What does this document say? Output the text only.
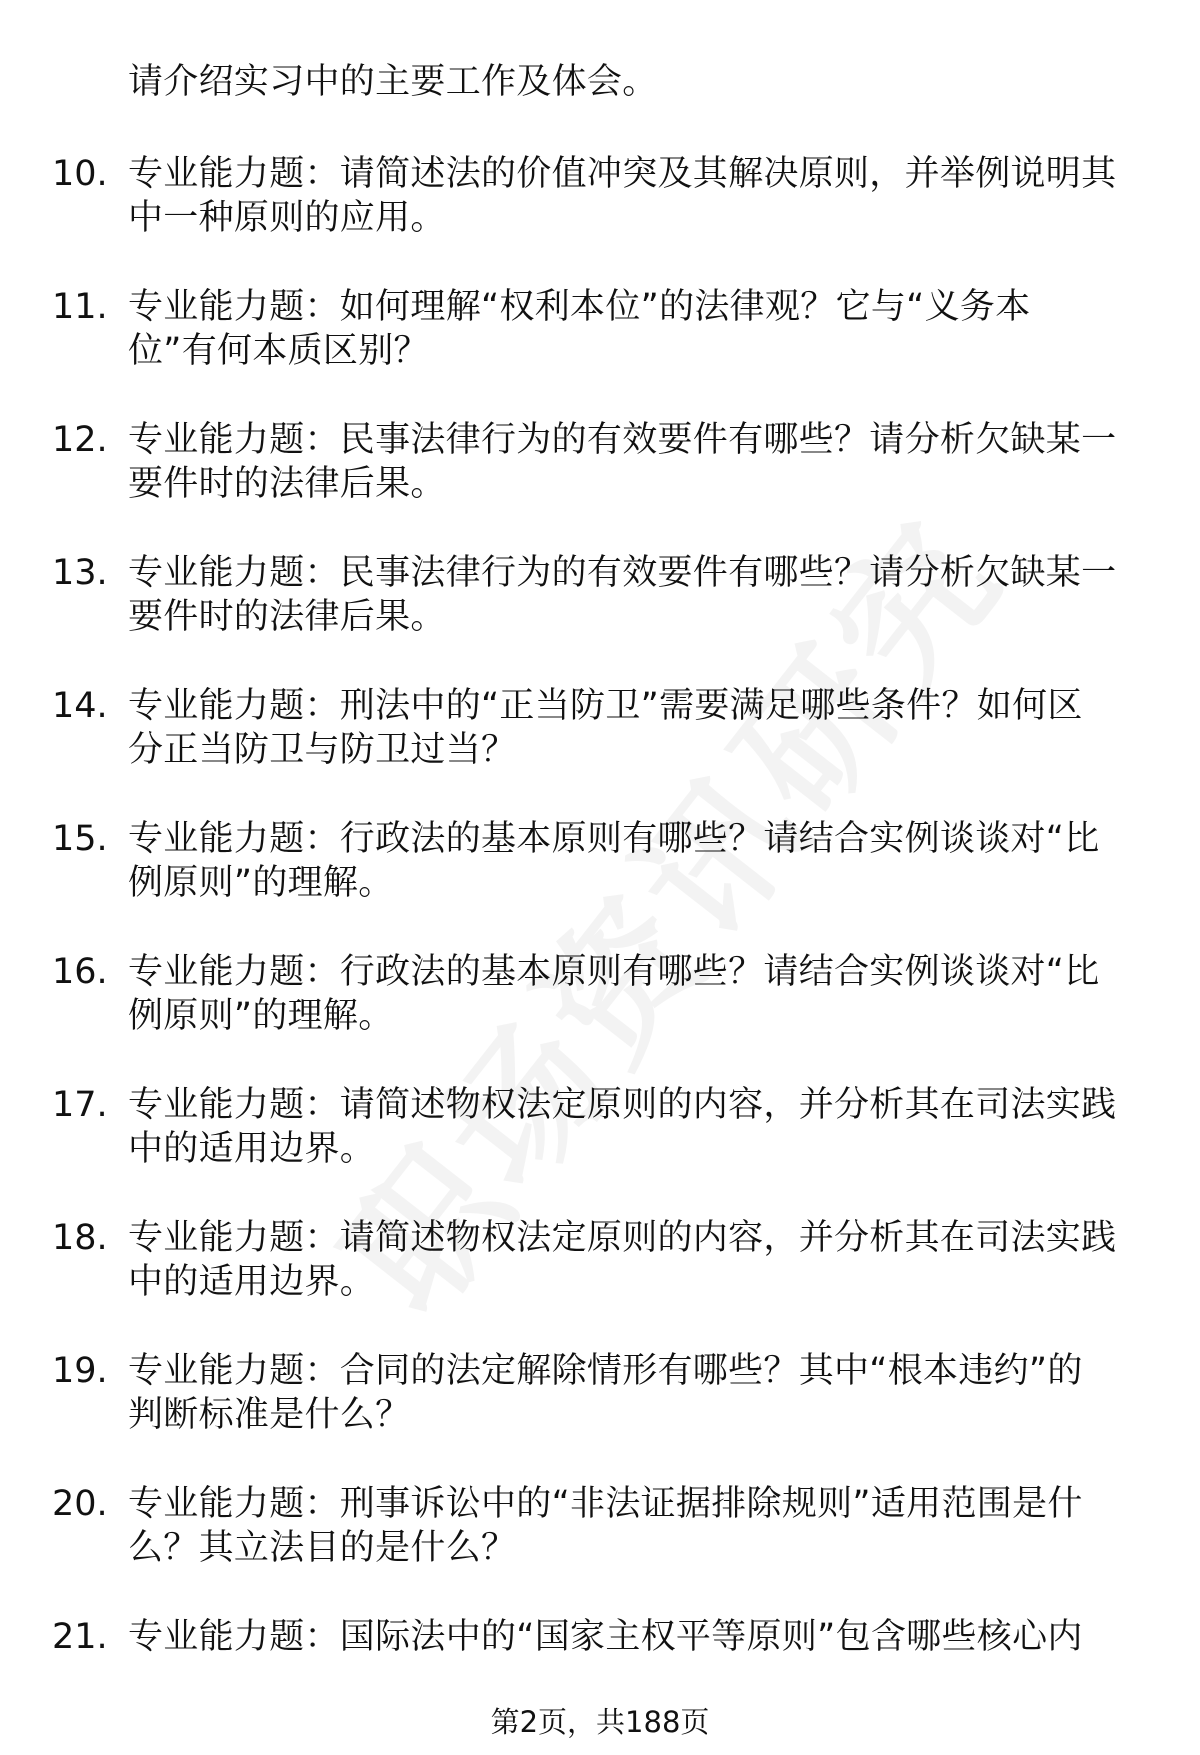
请介绍实习中的主要工作及体会。
10. 专业能力题：请简述法的价值冲突及其解决原则，并举例说明其
中一种原则的应用。
11. 专业能力题：如何理解“权利本位”的法律观？它与“义务本
位”有何本质区别？
12. 专业能力题：民事法律行为的有效要件有哪些？请分析欠缺某一
要件时的法律后果。
13. 专业能力题：民事法律行为的有效要件有哪些？请分析欠缺某一
要件时的法律后果。
14. 专业能力题：刑法中的“正当防卫”需要满足哪些条件？如何区
分正当防卫与防卫过当？
15. 专业能力题：行政法的基本原则有哪些？请结合实例谈谈对“比
例原则”的理解。
16. 专业能力题：行政法的基本原则有哪些？请结合实例谈谈对“比
例原则”的理解。
17. 专业能力题：请简述物权法定原则的内容，并分析其在司法实践
中的适用边界。
18. 专业能力题：请简述物权法定原则的内容，并分析其在司法实践
中的适用边界。
19. 专业能力题：合同的法定解除情形有哪些？其中“根本违约”的
判断标准是什么？
20. 专业能力题：刑事诉讼中的“非法证据排除规则”适用范围是什
么？其立法目的是什么？
21. 专业能力题：国际法中的“国家主权平等原则”包含哪些核心内
第2页，共188页
